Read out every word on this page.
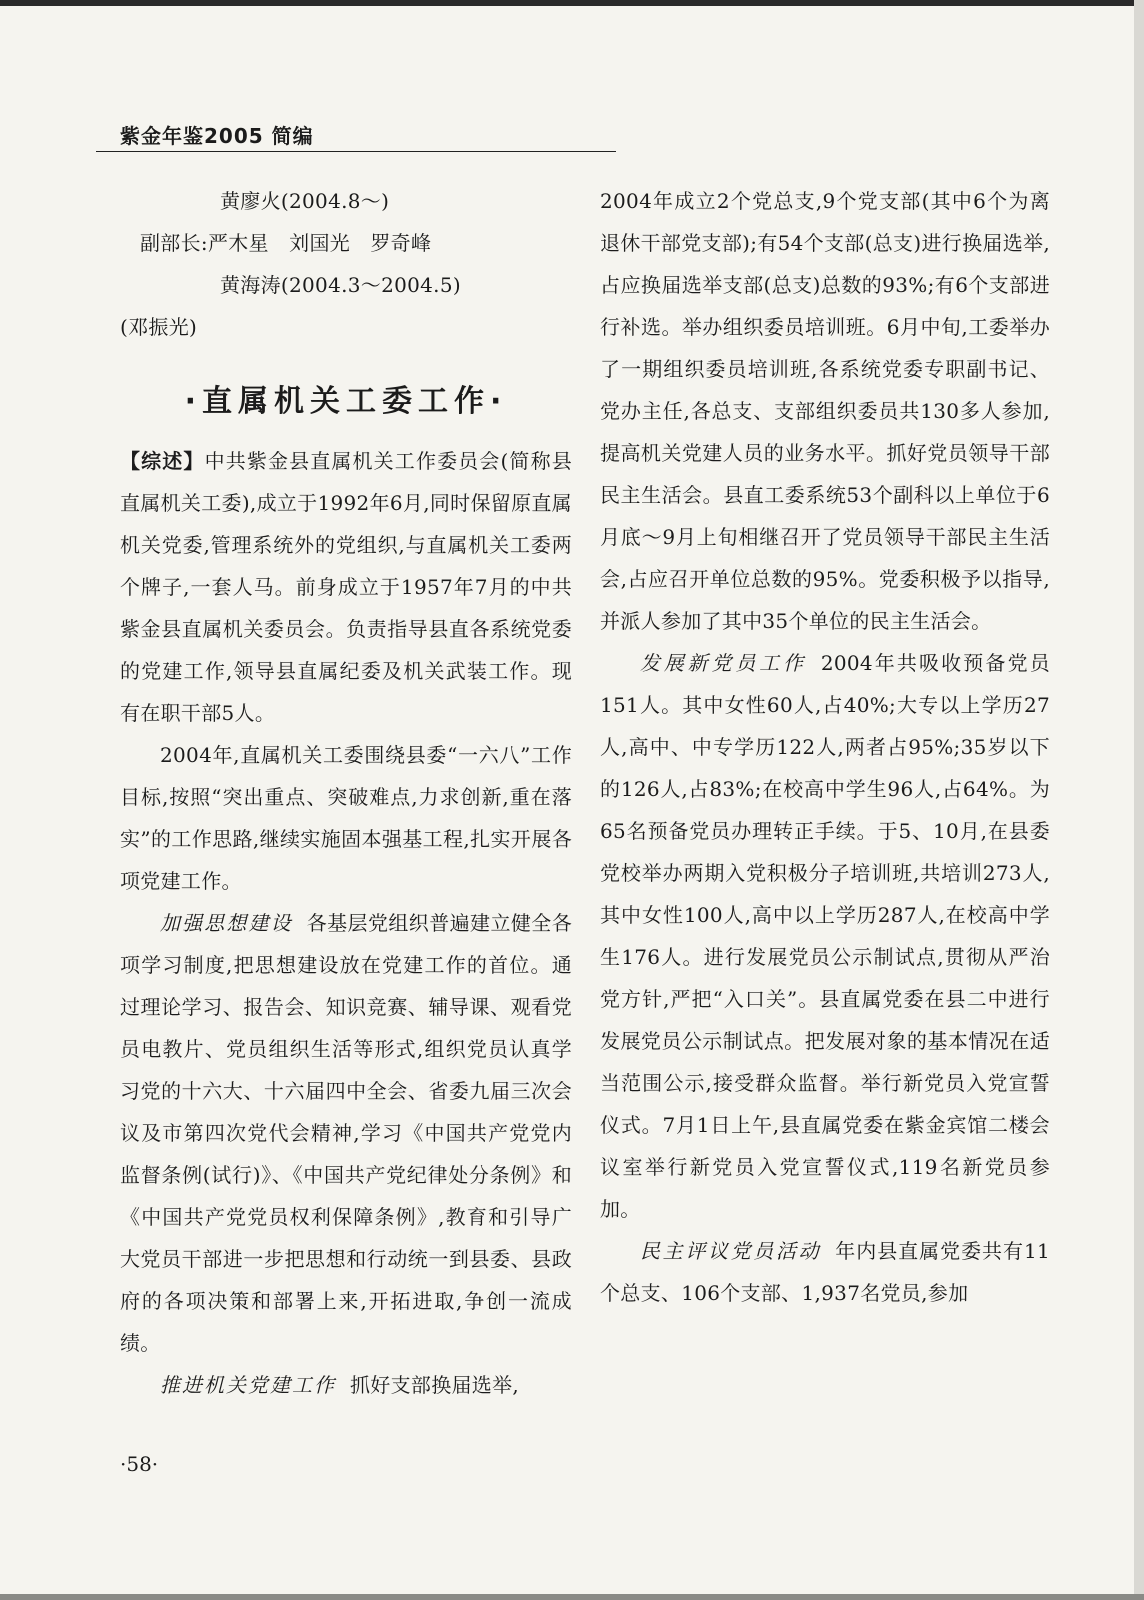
紫金年鉴2005 简编

黄廖火(2004.8～)

副部长:严木星　刘国光　罗奇峰

黄海涛(2004.3～2004.5)

(邓振光)

·直属机关工委工作·

【综述】中共紫金县直属机关工作委员会(简称县直属机关工委),成立于1992年6月,同时保留原直属机关党委,管理系统外的党组织,与直属机关工委两个牌子,一套人马。前身成立于1957年7月的中共紫金县直属机关委员会。负责指导县直各系统党委的党建工作,领导县直属纪委及机关武装工作。现有在职干部5人。

2004年,直属机关工委围绕县委“一六八”工作目标,按照“突出重点、突破难点,力求创新,重在落实”的工作思路,继续实施固本强基工程,扎实开展各项党建工作。

加强思想建设 各基层党组织普遍建立健全各项学习制度,把思想建设放在党建工作的首位。通过理论学习、报告会、知识竞赛、辅导课、观看党员电教片、党员组织生活等形式,组织党员认真学习党的十六大、十六届四中全会、省委九届三次会议及市第四次党代会精神,学习《中国共产党党内监督条例(试行)》、《中国共产党纪律处分条例》和《中国共产党党员权利保障条例》,教育和引导广大党员干部进一步把思想和行动统一到县委、县政府的各项决策和部署上来,开拓进取,争创一流成绩。

推进机关党建工作 抓好支部换届选举,

2004年成立2个党总支,9个党支部(其中6个为离退休干部党支部);有54个支部(总支)进行换届选举,占应换届选举支部(总支)总数的93%;有6个支部进行补选。举办组织委员培训班。6月中旬,工委举办了一期组织委员培训班,各系统党委专职副书记、党办主任,各总支、支部组织委员共130多人参加,提高机关党建人员的业务水平。抓好党员领导干部民主生活会。县直工委系统53个副科以上单位于6月底～9月上旬相继召开了党员领导干部民主生活会,占应召开单位总数的95%。党委积极予以指导,并派人参加了其中35个单位的民主生活会。

发展新党员工作 2004年共吸收预备党员151人。其中女性60人,占40%;大专以上学历27人,高中、中专学历122人,两者占95%;35岁以下的126人,占83%;在校高中学生96人,占64%。为65名预备党员办理转正手续。于5、10月,在县委党校举办两期入党积极分子培训班,共培训273人,其中女性100人,高中以上学历287人,在校高中学生176人。进行发展党员公示制试点,贯彻从严治党方针,严把“入口关”。县直属党委在县二中进行发展党员公示制试点。把发展对象的基本情况在适当范围公示,接受群众监督。举行新党员入党宣誓仪式。7月1日上午,县直属党委在紫金宾馆二楼会议室举行新党员入党宣誓仪式,119名新党员参加。

民主评议党员活动 年内县直属党委共有11个总支、106个支部、1,937名党员,参加

·58·
